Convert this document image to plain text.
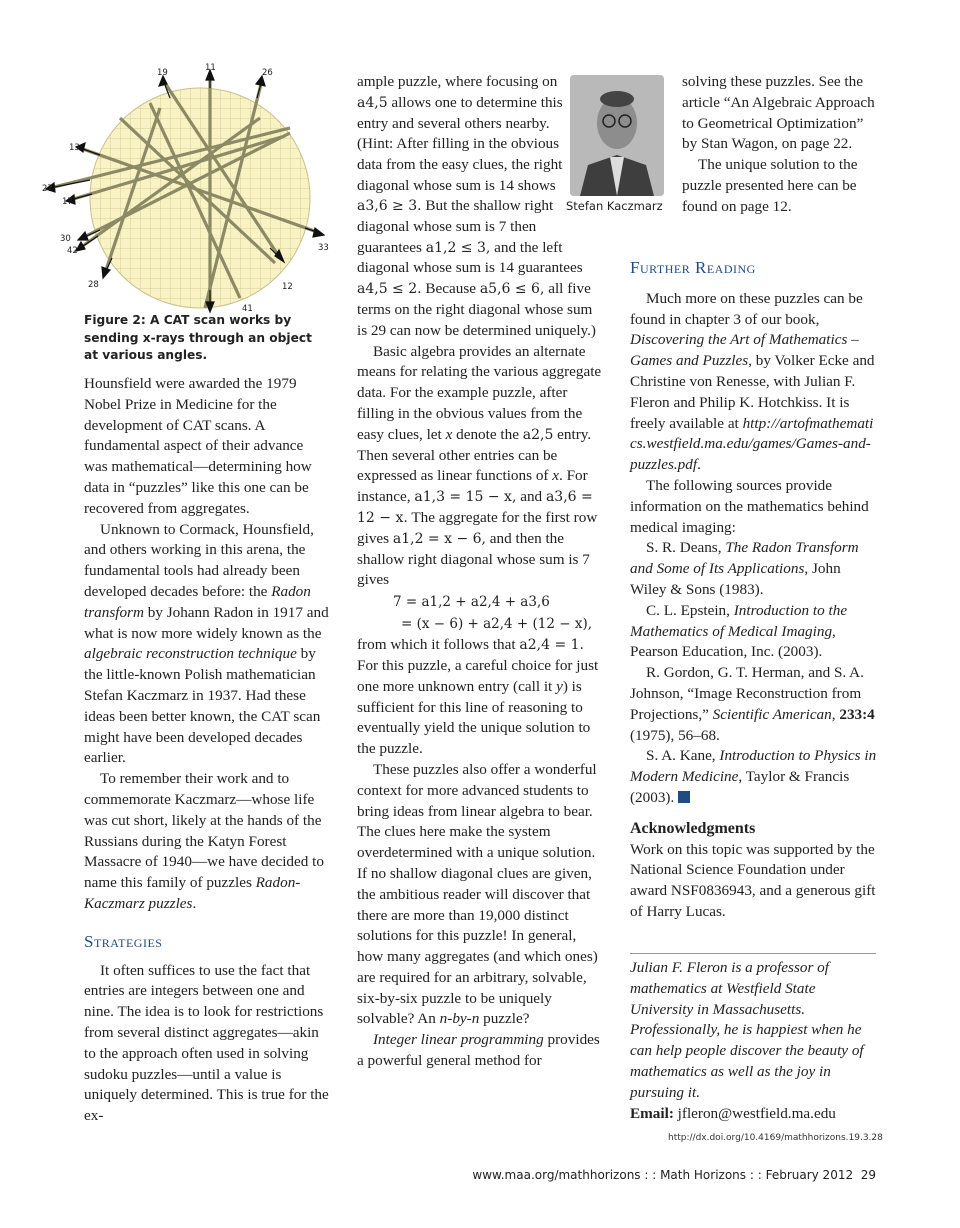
19	11	26
13
27
17
30
42	33
28	12
41
Figure 2: A CAT scan works by sending x-rays through an object at various angles.

Hounsfield were awarded the 1979 Nobel Prize in Medicine for the development of CAT scans. A fundamental aspect of their advance was mathematical—determining how data in “puzzles” like this one can be recovered from aggregates.

Unknown to Cormack, Hounsfield, and others working in this arena, the fundamental tools had already been developed decades before: the Radon transform by Johann Radon in 1917 and what is now more widely known as the algebraic reconstruction technique by the little-known Polish mathematician Stefan Kaczmarz in 1937. Had these ideas been better known, the CAT scan might have been developed decades earlier.

To remember their work and to commemorate Kaczmarz—whose life was cut short, likely at the hands of the Russians during the Katyn Forest Massacre of 1940—we have decided to name this family of puzzles Radon-Kaczmarz puzzles.

Strategies

It often suffices to use the fact that entries are integers between one and nine. The idea is to look for restrictions from several distinct aggregates—akin to the approach often used in solving sudoku puzzles—until a value is uniquely determined. This is true for the ex-

ample puzzle, where focusing on a4,5 allows one to determine this entry and several others nearby. (Hint: After filling in the obvious data from the easy clues, the right diagonal whose sum is 14 shows

a3,6 ≥ 3. But the shallow right diagonal whose sum is 7 then guarantees a1,2 ≤ 3, and the left diagonal whose sum is 14 guarantees a4,5 ≤ 2. Because a5,6 ≤ 6, all five terms on the right diagonal whose sum is 29 can now be determined uniquely.)

Basic algebra provides an alternate means for relating the various aggregate data. For the example puzzle, after filling in the obvious values from the easy clues, let x denote the a2,5 entry. Then several other entries can be expressed as linear functions of x. For instance, a1,3 = 15 − x, and a3,6 = 12 − x. The aggregate for the first row gives a1,2 = x − 6, and then the shallow right diagonal whose sum is 7 gives

7 = a1,2 + a2,4 + a3,6
= (x − 6) + a2,4 + (12 − x),

from which it follows that a2,4 = 1. For this puzzle, a careful choice for just one more unknown entry (call it y) is sufficient for this line of reasoning to eventually yield the unique solution to the puzzle.

These puzzles also offer a wonderful context for more advanced students to bring ideas from linear algebra to bear. The clues here make the system overdetermined with a unique solution. If no shallow diagonal clues are given, the ambitious reader will discover that there are more than 19,000 distinct solutions for this puzzle! In general, how many aggregates (and which ones) are required for an arbitrary, solvable, six-by-six puzzle to be uniquely solvable? An n-by-n puzzle?

Integer linear programming provides a powerful general method for

Stefan Kaczmarz

solving these puzzles. See the article “An Algebraic Approach to Geometrical Optimization” by Stan Wagon, on page 22.

The unique solution to the puzzle presented here can be found on page 12.

Further Reading

Much more on these puzzles can be found in chapter 3 of our book, Discovering the Art of Mathematics – Games and Puzzles, by Volker Ecke and Christine von Renesse, with Julian F. Fleron and Philip K. Hotchkiss. It is freely available at http://artofmathematics.westfield.ma.edu/games/Games-and-puzzles.pdf.

The following sources provide information on the mathematics behind medical imaging:

S. R. Deans, The Radon Transform and Some of Its Applications, John Wiley & Sons (1983).

C. L. Epstein, Introduction to the Mathematics of Medical Imaging, Pearson Education, Inc. (2003).

R. Gordon, G. T. Herman, and S. A. Johnson, “Image Reconstruction from Projections,” Scientific American, 233:4 (1975), 56–68.

S. A. Kane, Introduction to Physics in Modern Medicine, Taylor & Francis (2003).

Acknowledgments

Work on this topic was supported by the National Science Foundation under award NSF0836943, and a generous gift of Harry Lucas.

Julian F. Fleron is a professor of mathematics at Westfield State University in Massachusetts. Professionally, he is happiest when he can help people discover the beauty of mathematics as well as the joy in pursuing it.

Email: jfleron@westfield.ma.edu

http://dx.doi.org/10.4169/mathhorizons.19.3.28
www.maa.org/mathhorizons : : Math Horizons : : February 2012  29
